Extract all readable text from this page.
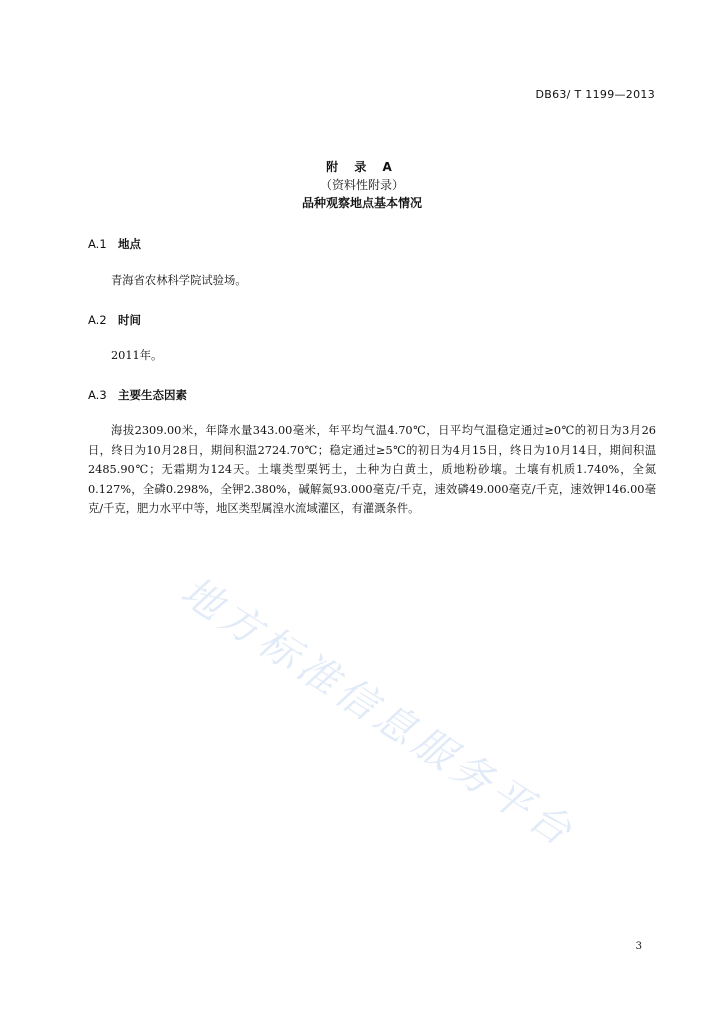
DB63/ T 1199—2013
附 录 A
（资料性附录）
品种观察地点基本情况
A.1 地点
青海省农林科学院试验场。
A.2 时间
2011年。
A.3 主要生态因素
海拔2309.00米，年降水量343.00毫米，年平均气温4.70℃，日平均气温稳定通过≥0℃的初日为3月26日，终日为10月28日，期间积温2724.70℃；稳定通过≥5℃的初日为4月15日，终日为10月14日，期间积温2485.90℃；无霜期为124天。土壤类型栗钙土，土种为白黄土，质地粉砂壤。土壤有机质1.740%，全氮0.127%，全磷0.298%，全钾2.380%，碱解氮93.000毫克/千克，速效磷49.000毫克/千克，速效钾146.00毫克/千克，肥力水平中等，地区类型属湟水流域灌区，有灌溉条件。
地方标准信息服务平台
3
